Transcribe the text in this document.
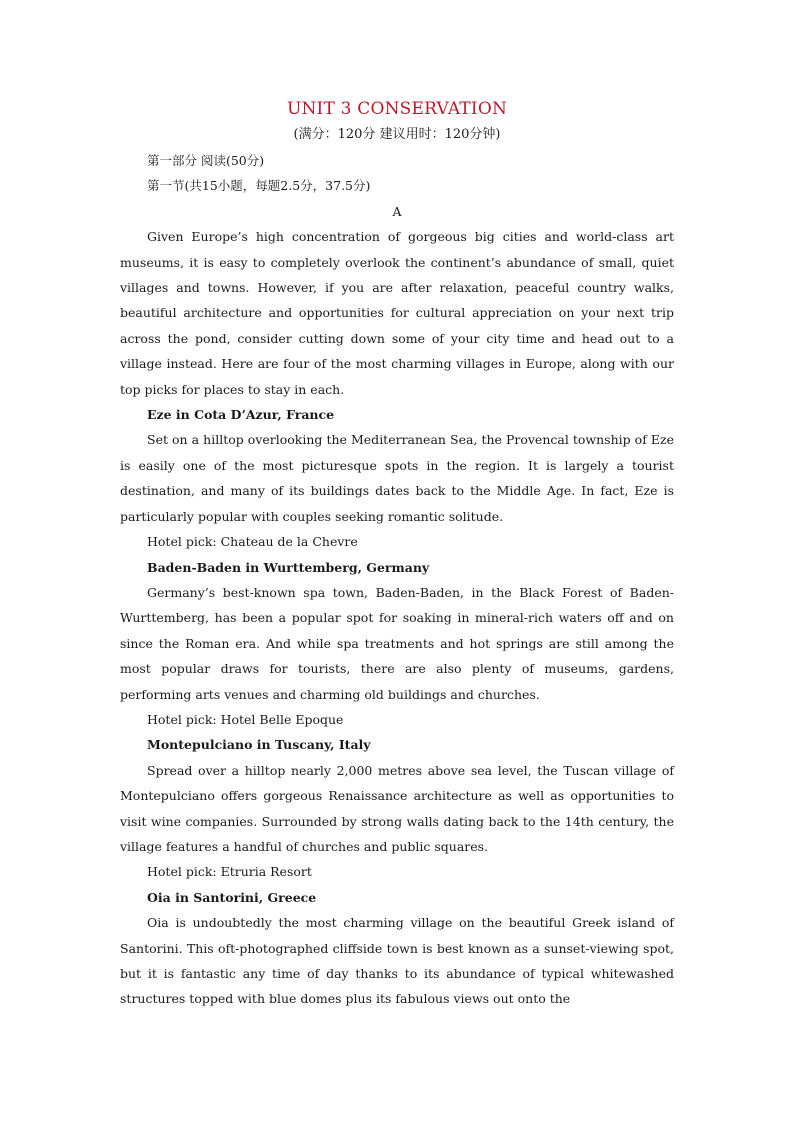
UNIT 3 CONSERVATION

(满分：120分 建议用时：120分钟)

第一部分 阅读(50分)

第一节(共15小题，每题2.5分，37.5分)

A

Given Europe’s high concentration of gorgeous big cities and world-class art museums, it is easy to completely overlook the continent’s abundance of small, quiet villages and towns. However, if you are after relaxation, peaceful country walks, beautiful architecture and opportunities for cultural appreciation on your next trip across the pond, consider cutting down some of your city time and head out to a village instead. Here are four of the most charming villages in Europe, along with our top picks for places to stay in each.

Eze in Cota D’Azur, France

Set on a hilltop overlooking the Mediterranean Sea, the Provencal township of Eze is easily one of the most picturesque spots in the region. It is largely a tourist destination, and many of its buildings dates back to the Middle Age. In fact, Eze is particularly popular with couples seeking romantic solitude.

Hotel pick: Chateau de la Chevre

Baden-Baden in Wurttemberg, Germany

Germany’s best-known spa town, Baden-Baden, in the Black Forest of Baden-Wurttemberg, has been a popular spot for soaking in mineral-rich waters off and on since the Roman era. And while spa treatments and hot springs are still among the most popular draws for tourists, there are also plenty of museums, gardens, performing arts venues and charming old buildings and churches.

Hotel pick: Hotel Belle Epoque

Montepulciano in Tuscany, Italy

Spread over a hilltop nearly 2,000 metres above sea level, the Tuscan village of Montepulciano offers gorgeous Renaissance architecture as well as opportunities to visit wine companies. Surrounded by strong walls dating back to the 14th century, the village features a handful of churches and public squares.

Hotel pick: Etruria Resort

Oia in Santorini, Greece

Oia is undoubtedly the most charming village on the beautiful Greek island of Santorini. This oft-photographed cliffside town is best known as a sunset-viewing spot, but it is fantastic any time of day thanks to its abundance of typical whitewashed structures topped with blue domes plus its fabulous views out onto the
